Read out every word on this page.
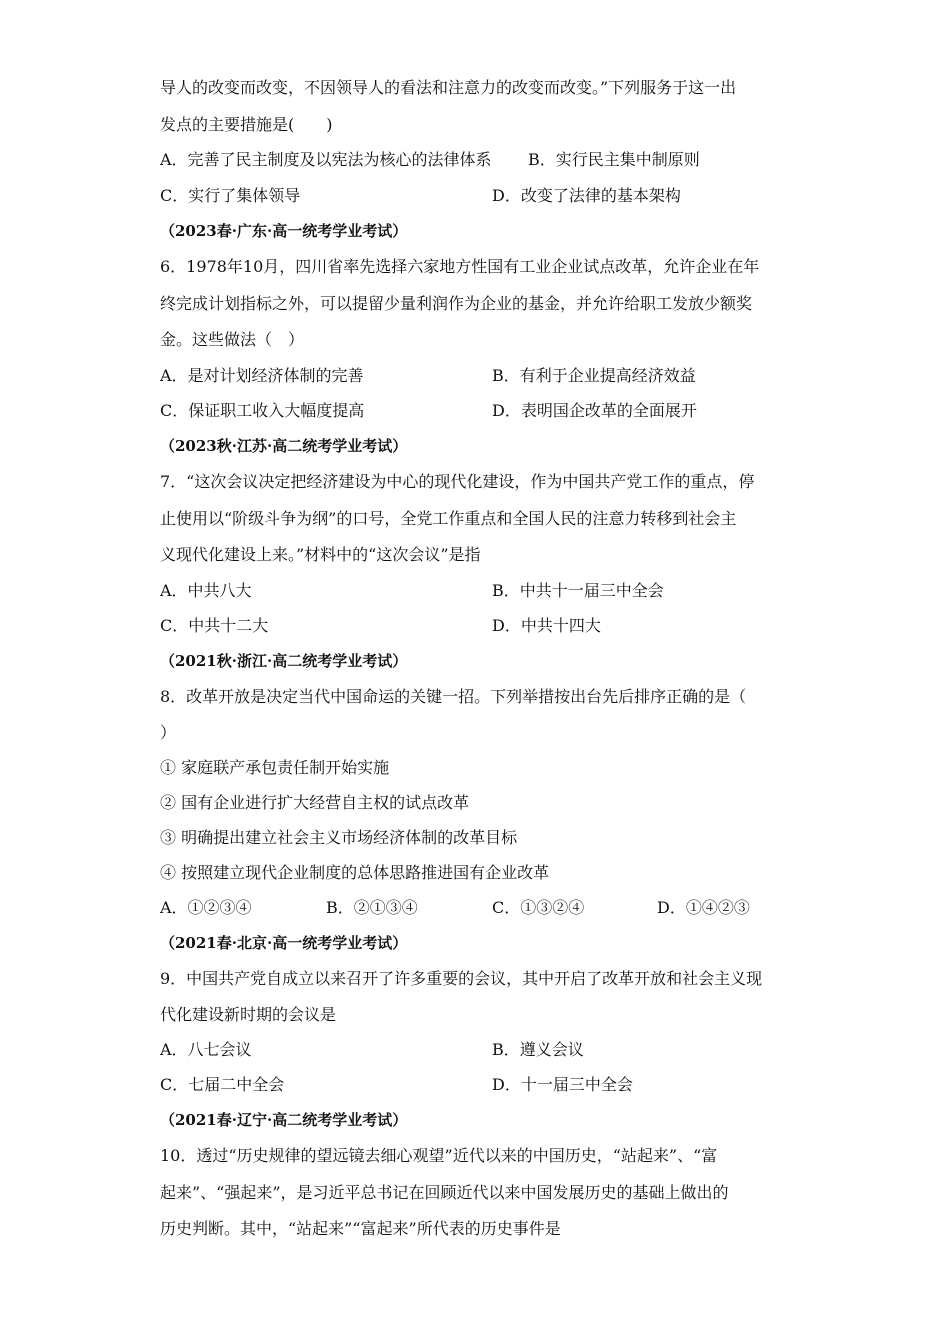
导人的改变而改变，不因领导人的看法和注意力的改变而改变。”下列服务于这一出
发点的主要措施是(　　)
A．完善了民主制度及以宪法为核心的法律体系 B．实行民主集中制原则
C．实行了集体领导	D．改变了法律的基本架构
（2023春·广东·高一统考学业考试）
6．1978年10月，四川省率先选择六家地方性国有工业企业试点改革，允许企业在年
终完成计划指标之外，可以提留少量利润作为企业的基金，并允许给职工发放少额奖
金。这些做法（　）
A．是对计划经济体制的完善	B．有利于企业提高经济效益
C．保证职工收入大幅度提高	D．表明国企改革的全面展开
（2023秋·江苏·高二统考学业考试）
7．“这次会议决定把经济建设为中心的现代化建设，作为中国共产党工作的重点，停
止使用以“阶级斗争为纲”的口号，全党工作重点和全国人民的注意力转移到社会主
义现代化建设上来。”材料中的“这次会议”是指
A．中共八大	B．中共十一届三中全会
C．中共十二大	D．中共十四大
（2021秋·浙江·高二统考学业考试）
8．改革开放是决定当代中国命运的关键一招。下列举措按出台先后排序正确的是（
）
① 家庭联产承包责任制开始实施
② 国有企业进行扩大经营自主权的试点改革
③ 明确提出建立社会主义市场经济体制的改革目标
④ 按照建立现代企业制度的总体思路推进国有企业改革
A．①②③④	B．②①③④	C．①③②④	D．①④②③
（2021春·北京·高一统考学业考试）
9．中国共产党自成立以来召开了许多重要的会议，其中开启了改革开放和社会主义现
代化建设新时期的会议是
A．八七会议	B．遵义会议
C．七届二中全会	D．十一届三中全会
（2021春·辽宁·高二统考学业考试）
10．透过“历史规律的望远镜去细心观望”近代以来的中国历史，“站起来”、“富
起来”、“强起来”，是习近平总书记在回顾近代以来中国发展历史的基础上做出的
历史判断。其中，“站起来”“富起来”所代表的历史事件是
